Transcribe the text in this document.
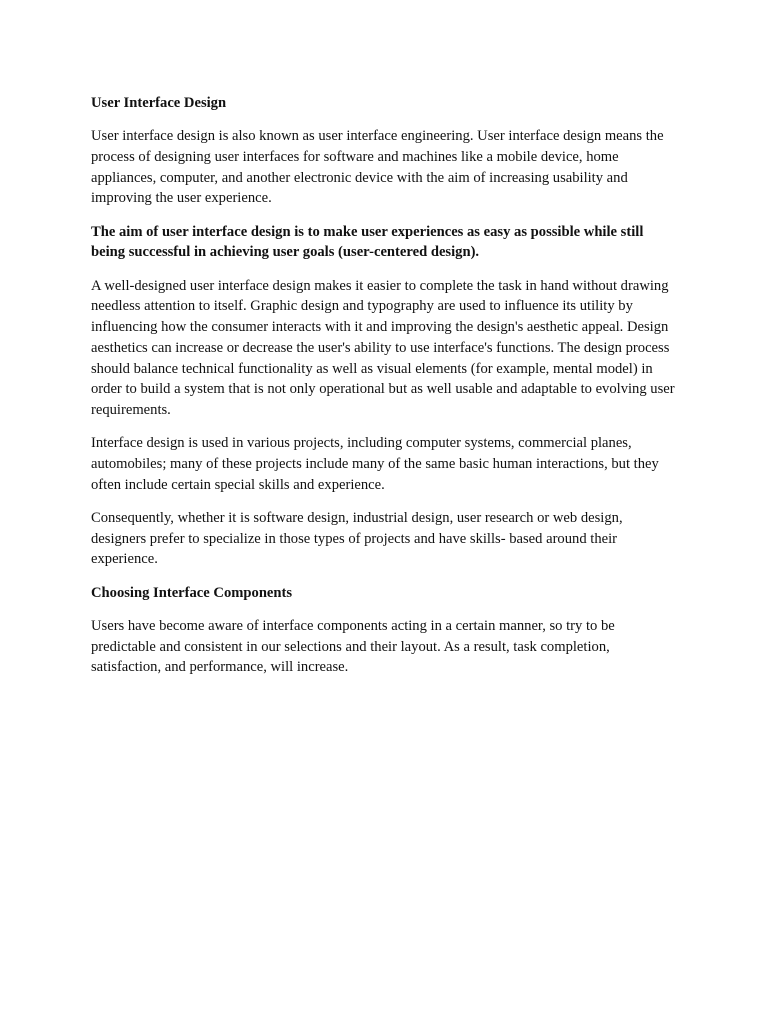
User Interface Design

User interface design is also known as user interface engineering. User interface design means the process of designing user interfaces for software and machines like a mobile device, home appliances, computer, and another electronic device with the aim of increasing usability and improving the user experience.

The aim of user interface design is to make user experiences as easy as possible while still being successful in achieving user goals (user-centered design).

A well-designed user interface design makes it easier to complete the task in hand without drawing needless attention to itself. Graphic design and typography are used to influence its utility by influencing how the consumer interacts with it and improving the design's aesthetic appeal. Design aesthetics can increase or decrease the user's ability to use interface's functions. The design process should balance technical functionality as well as visual elements (for example, mental model) in order to build a system that is not only operational but as well usable and adaptable to evolving user requirements.

Interface design is used in various projects, including computer systems, commercial planes, automobiles; many of these projects include many of the same basic human interactions, but they often include certain special skills and experience.

Consequently, whether it is software design, industrial design, user research or web design, designers prefer to specialize in those types of projects and have skills- based around their experience.

Choosing Interface Components

Users have become aware of interface components acting in a certain manner, so try to be predictable and consistent in our selections and their layout. As a result, task completion, satisfaction, and performance, will increase.
